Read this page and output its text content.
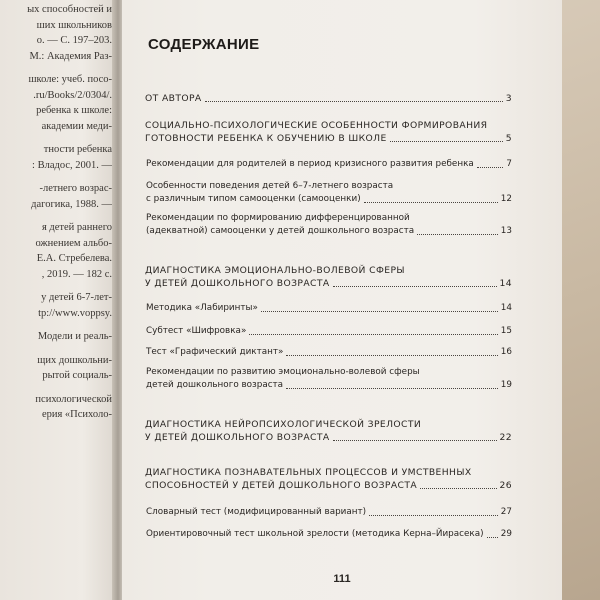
ых способностей и
ших школьников
о. — С. 197–203.
М.: Академия Раз-
школе: учеб. посо-
.ru/Books/2/0304/.
ребенка к школе:
академии меди-
тности ребенка
: Владос, 2001. —
-летнего возрас-
дагогика, 1988. —
я детей раннего
ожнением альбо-
Е.А. Стребелева.
, 2019. — 182 с.
у детей 6-7-лет-
tp://www.voppsy.
Модели и реаль-
щих дошкольни-
рытой социаль-
психологической
ерия «Психоло-
СОДЕРЖАНИЕ
ОТ АВТОРА	3
СОЦИАЛЬНО-ПСИХОЛОГИЧЕСКИЕ ОСОБЕННОСТИ ФОРМИРОВАНИЯ
ГОТОВНОСТИ РЕБЕНКА К ОБУЧЕНИЮ В ШКОЛЕ	5
Рекомендации для родителей в период кризисного развития ребенка	7
Особенности поведения детей 6–7-летнего возраста
с различным типом самооценки (самооценки)	12
Рекомендации по формированию дифференцированной
(адекватной) самооценки у детей дошкольного возраста	13
ДИАГНОСТИКА ЭМОЦИОНАЛЬНО-ВОЛЕВОЙ СФЕРЫ
У ДЕТЕЙ ДОШКОЛЬНОГО ВОЗРАСТА	14
Методика «Лабиринты»	14
Субтест «Шифровка»	15
Тест «Графический диктант»	16
Рекомендации по развитию эмоционально-волевой сферы
детей дошкольного возраста	19
ДИАГНОСТИКА НЕЙРОПСИХОЛОГИЧЕСКОЙ ЗРЕЛОСТИ
У ДЕТЕЙ ДОШКОЛЬНОГО ВОЗРАСТА	22
ДИАГНОСТИКА ПОЗНАВАТЕЛЬНЫХ ПРОЦЕССОВ И УМСТВЕННЫХ
СПОСОБНОСТЕЙ У ДЕТЕЙ ДОШКОЛЬНОГО ВОЗРАСТА	26
Словарный тест (модифицированный вариант)	27
Ориентировочный тест школьной зрелости (методика Керна–Йирасека) 29
111
